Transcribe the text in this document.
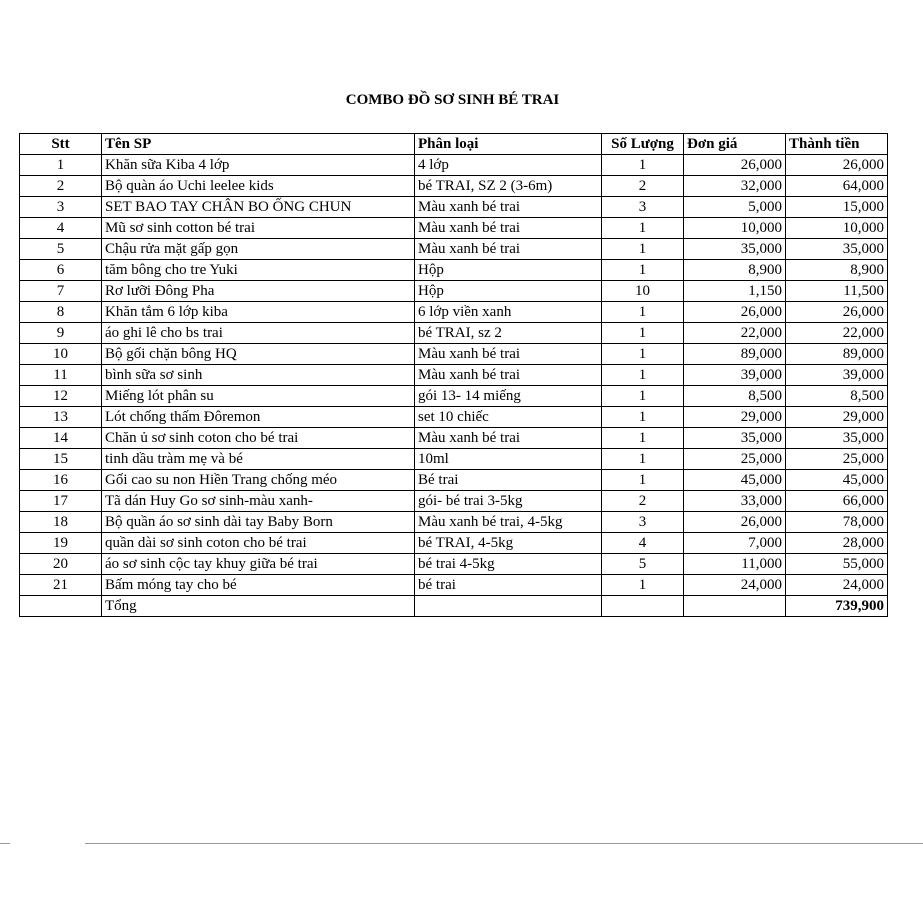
COMBO ĐỒ SƠ SINH BÉ TRAI
Stt	Tên SP	Phân loại	Số Lượng	Đơn giá	Thành tiền
1	Khăn sữa Kiba 4 lớp	4 lớp	1	26,000	26,000
2	Bộ quàn áo Uchi leelee kids	bé TRAI, SZ 2 (3-6m)	2	32,000	64,000
3	SET BAO TAY CHÂN BO ỐNG CHUN	Màu xanh bé trai	3	5,000	15,000
4	Mũ sơ sinh cotton bé trai	Màu xanh bé trai	1	10,000	10,000
5	Chậu rửa mặt gấp gọn	Màu xanh bé trai	1	35,000	35,000
6	tăm bông cho tre Yuki	Hộp	1	8,900	8,900
7	Rơ lưỡi Đông Pha	Hộp	10	1,150	11,500
8	Khăn tắm 6 lớp kiba	6 lớp viền xanh	1	26,000	26,000
9	áo ghi lê cho bs trai	bé TRAI, sz 2	1	22,000	22,000
10	Bộ gối chặn bông HQ	Màu xanh bé trai	1	89,000	89,000
11	bình sữa sơ sinh	Màu xanh bé trai	1	39,000	39,000
12	Miếng lót phân su	gói 13- 14 miếng	1	8,500	8,500
13	Lót chống thấm Đôremon	set 10 chiếc	1	29,000	29,000
14	Chăn ủ sơ sinh coton cho bé trai	Màu xanh bé trai	1	35,000	35,000
15	tinh dầu tràm mẹ và bé	10ml	1	25,000	25,000
16	Gối cao su non Hiền Trang chống méo	Bé trai	1	45,000	45,000
17	Tã dán Huy Go sơ sinh-màu xanh-	gói- bé trai 3-5kg	2	33,000	66,000
18	Bộ quần áo sơ sinh dài tay Baby Born	Màu xanh bé trai, 4-5kg	3	26,000	78,000
19	quần dài sơ sinh coton cho bé trai	bé TRAI, 4-5kg	4	7,000	28,000
20	áo sơ sinh cộc tay khuy giữa bé trai	bé trai 4-5kg	5	11,000	55,000
21	Bấm móng tay cho bé	bé trai	1	24,000	24,000
	Tổng				739,900
